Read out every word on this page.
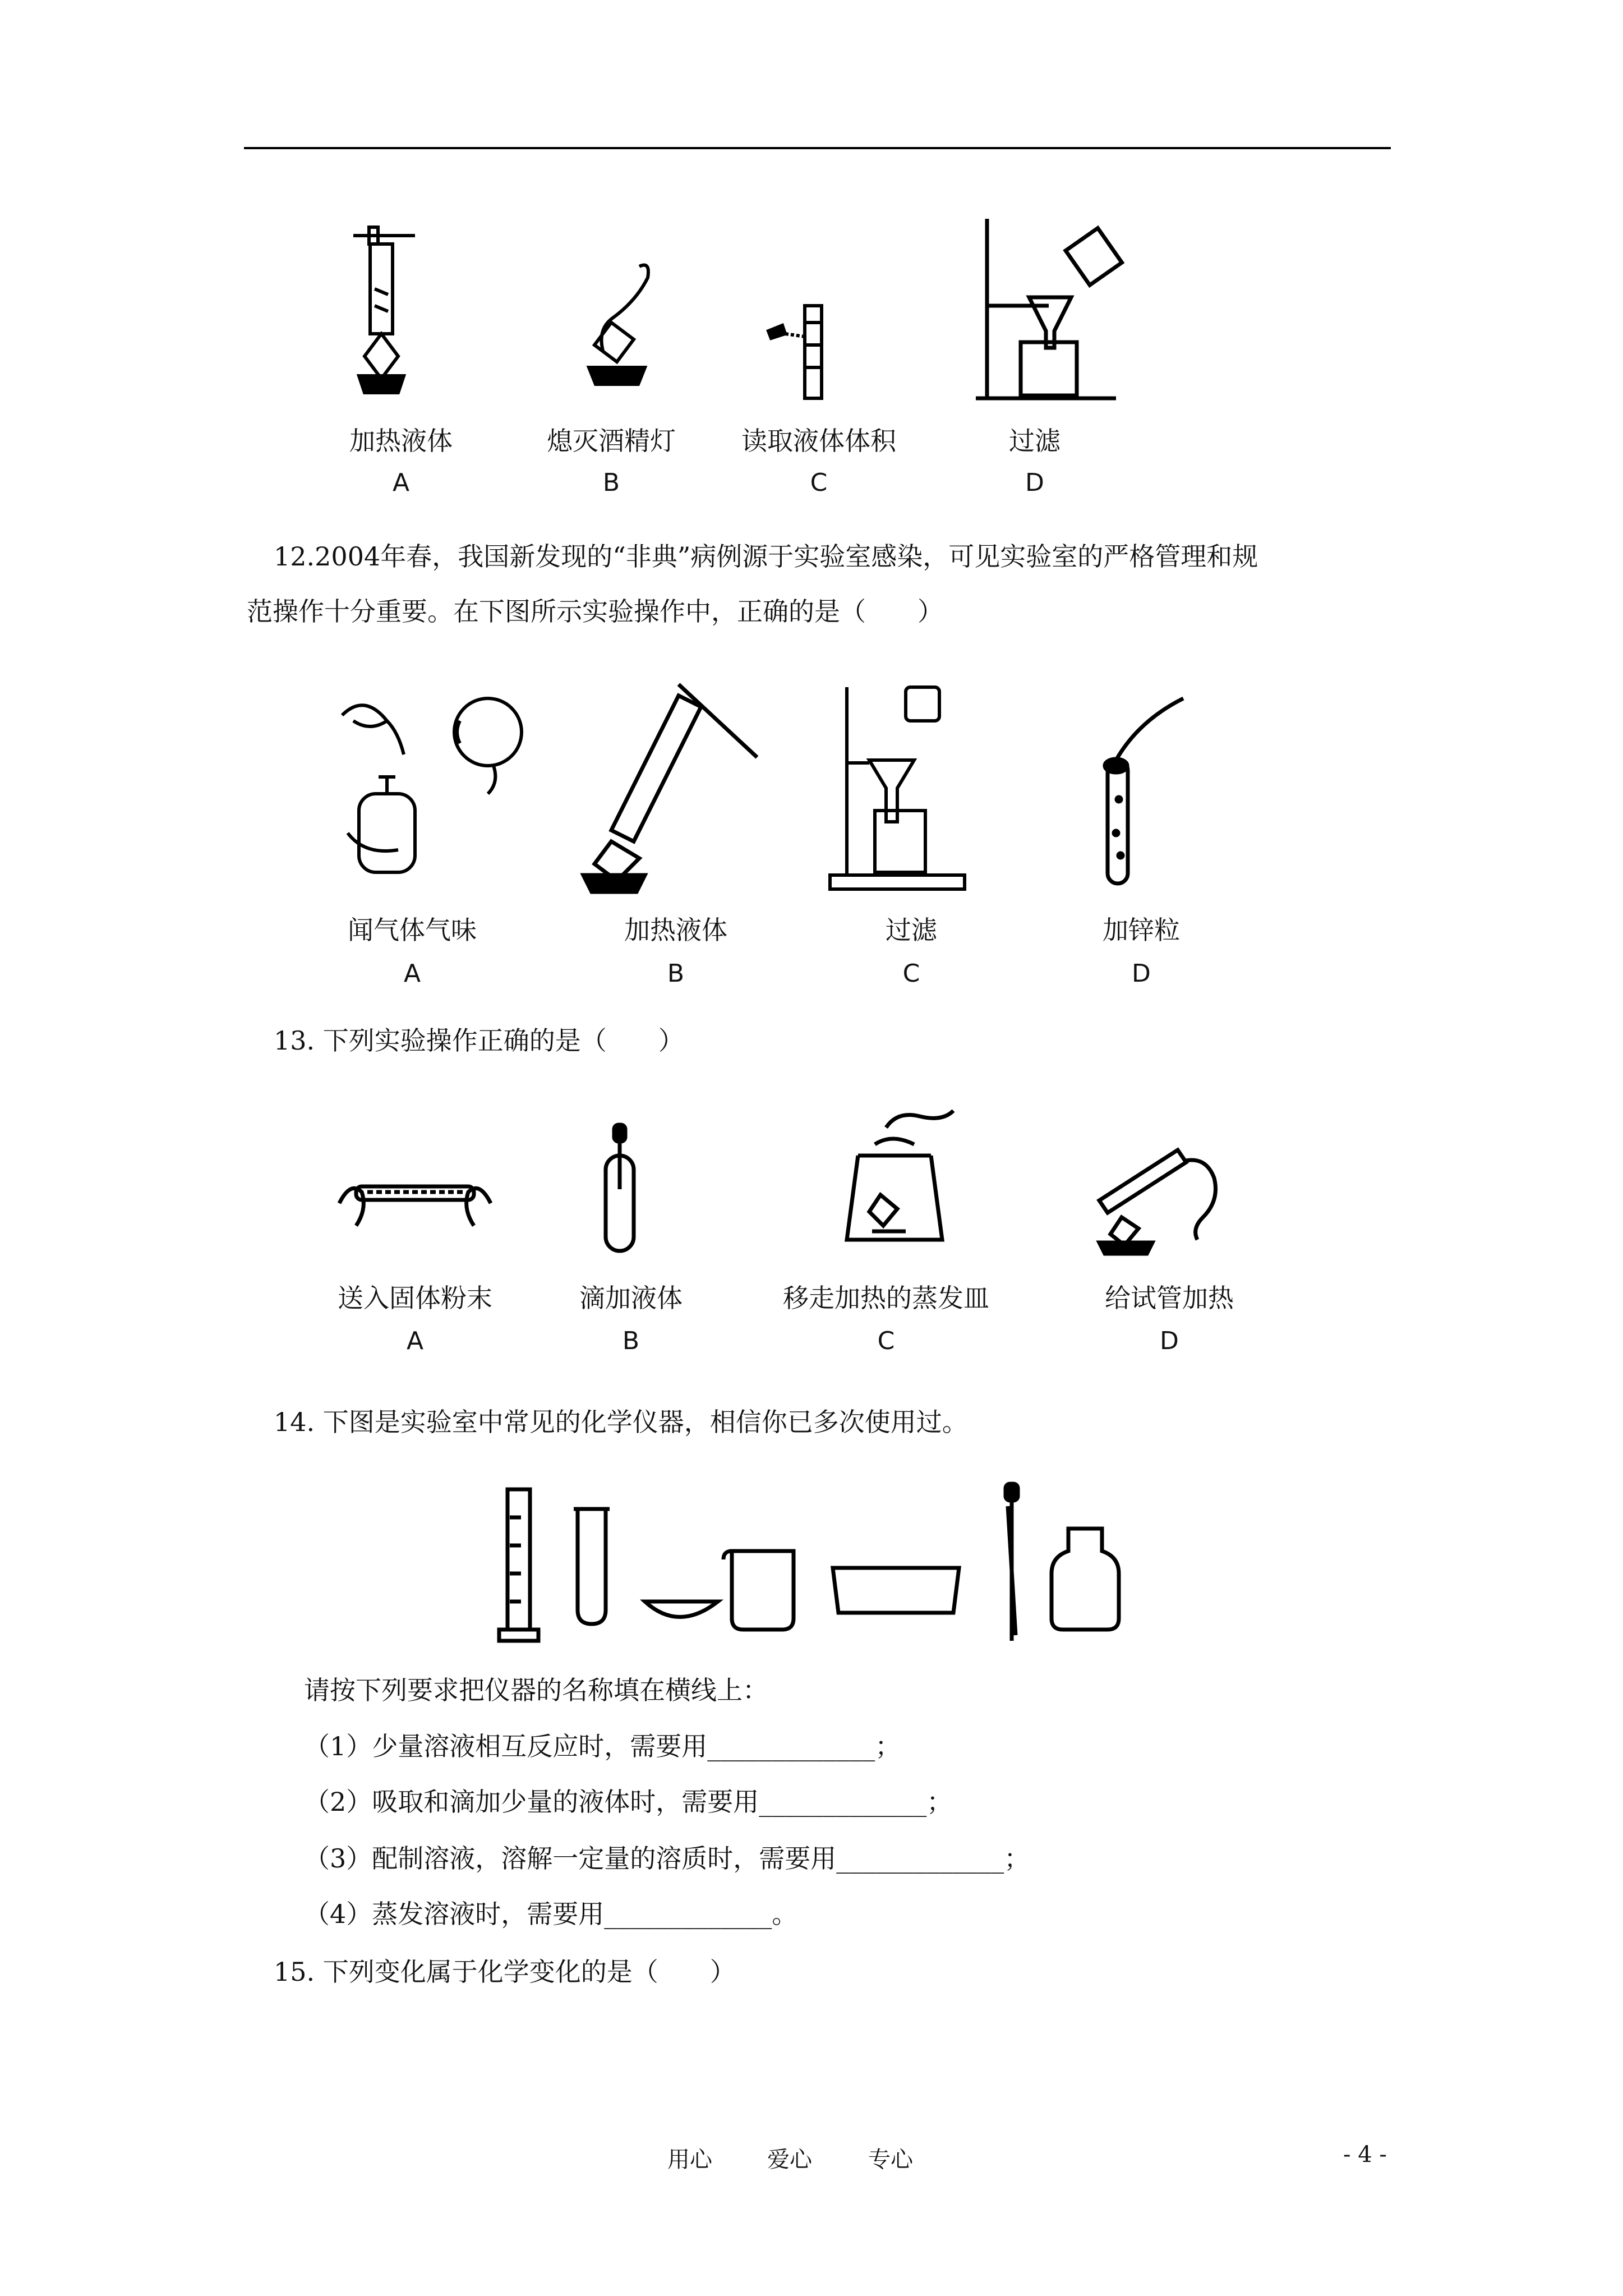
加热液体	熄灭酒精灯	读取液体体积	过滤
A	B	C	D
12.2004年春，我国新发现的“非典”病例源于实验室感染，可见实验室的严格管理和规
范操作十分重要。在下图所示实验操作中，正确的是（　　）
闻气体气味	加热液体	过滤	加锌粒
A	B	C	D
13. 下列实验操作正确的是（　　）
送入固体粉末	滴加液体	移走加热的蒸发皿	给试管加热
A	B	C	D
14. 下图是实验室中常见的化学仪器，相信你已多次使用过。
请按下列要求把仪器的名称填在横线上：
（1）少量溶液相互反应时，需要用_____________；
（2）吸取和滴加少量的液体时，需要用_____________；
（3）配制溶液，溶解一定量的溶质时，需要用_____________；
（4）蒸发溶液时，需要用_____________。
15. 下列变化属于化学变化的是（　　）
用心 爱心	专心	- 4 -
